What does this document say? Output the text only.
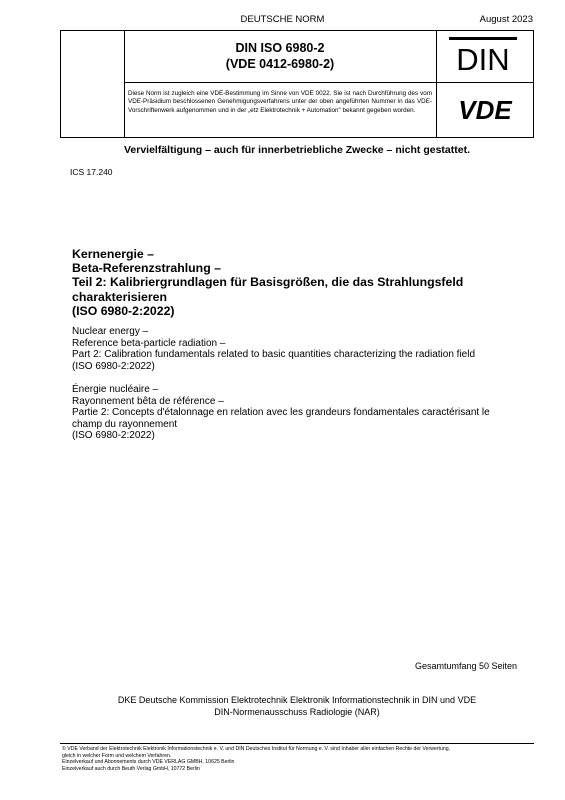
DEUTSCHE NORM	August 2023
DIN ISO 6980-2
(VDE 0412-6980-2)
Diese Norm ist zugleich eine VDE-Bestimmung im Sinne von VDE 0022. Sie ist nach Durchführung des vom VDE-Präsidium beschlossenen Genehmigungsverfahrens unter der oben angeführten Nummer in das VDE-Vorschriftenwerk aufgenommen und in der „etz Elektrotechnik + Automation" bekannt gegeben worden.
DIN
VDE
Vervielfältigung – auch für innerbetriebliche Zwecke – nicht gestattet.
ICS 17.240
Kernenergie –
Beta-Referenzstrahlung –
Teil 2: Kalibriergrundlagen für Basisgrößen, die das Strahlungsfeld
charakterisieren
(ISO 6980-2:2022)
Nuclear energy –
Reference beta-particle radiation –
Part 2: Calibration fundamentals related to basic quantities characterizing the radiation field
(ISO 6980-2:2022)
Énergie nucléaire –
Rayonnement bêta de référence –
Partie 2: Concepts d'étalonnage en relation avec les grandeurs fondamentales caractérisant le
champ du rayonnement
(ISO 6980-2:2022)
Gesamtumfang 50 Seiten
DKE Deutsche Kommission Elektrotechnik Elektronik Informationstechnik in DIN und VDE
DIN-Normenausschuss Radiologie (NAR)
© VDE Verband der Elektrotechnik Elektronik Informationstechnik e. V. und DIN Deutsches Institut für Normung e. V. sind Inhaber aller einfachen Rechte der Verwertung,
gleich in welcher Form und welchem Verfahren.
Einzelverkauf und Abonnements durch VDE VERLAG GMBH, 10625 Berlin
Einzelverkauf auch durch Beuth Verlag GmbH, 10772 Berlin
